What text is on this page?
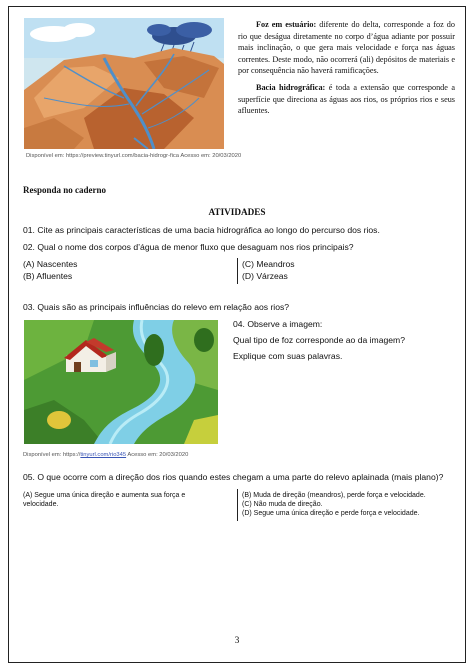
Foz em estuário: diferente do delta, corresponde a foz do rio que deságua diretamente no corpo d’água adiante por possuir mais inclinação, o que gera mais velocidade e força nas águas correntes. Deste modo, não ocorrerá (ali) depósitos de materiais e por consequência não haverá ramificações.

Bacia hidrográfica: é toda a extensão que corresponde a superfície que direciona as águas aos rios, os próprios rios e seus afluentes.

Disponível em: https://preview.tinyurl.com/bacia-hidrogr-fica Acesso em: 20/03/2020
Responda no caderno
ATIVIDADES
01. Cite as principais características de uma bacia hidrográfica ao longo do percurso dos rios.
02. Qual o nome dos corpos d’água de menor fluxo que desaguam nos rios principais?
(A) Nascentes
(B) Afluentes
(C) Meandros
(D) Várzeas
03. Quais são as principais influências do relevo em relação aos rios?
04. Observe a imagem:
Qual tipo de foz corresponde ao da imagem?
Explique com suas palavras.
Disponível em: https://tinyurl.com/rio345 Acesso em: 20/03/2020
05. O que ocorre com a direção dos rios quando estes chegam a uma parte do relevo aplainada (mais plano)?
(A) Segue uma única direção e aumenta sua força e velocidade.
(B) Muda de direção (meandros), perde força e velocidade.
(C) Não muda de direção.
(D) Segue uma única direção e perde força e velocidade.
3
